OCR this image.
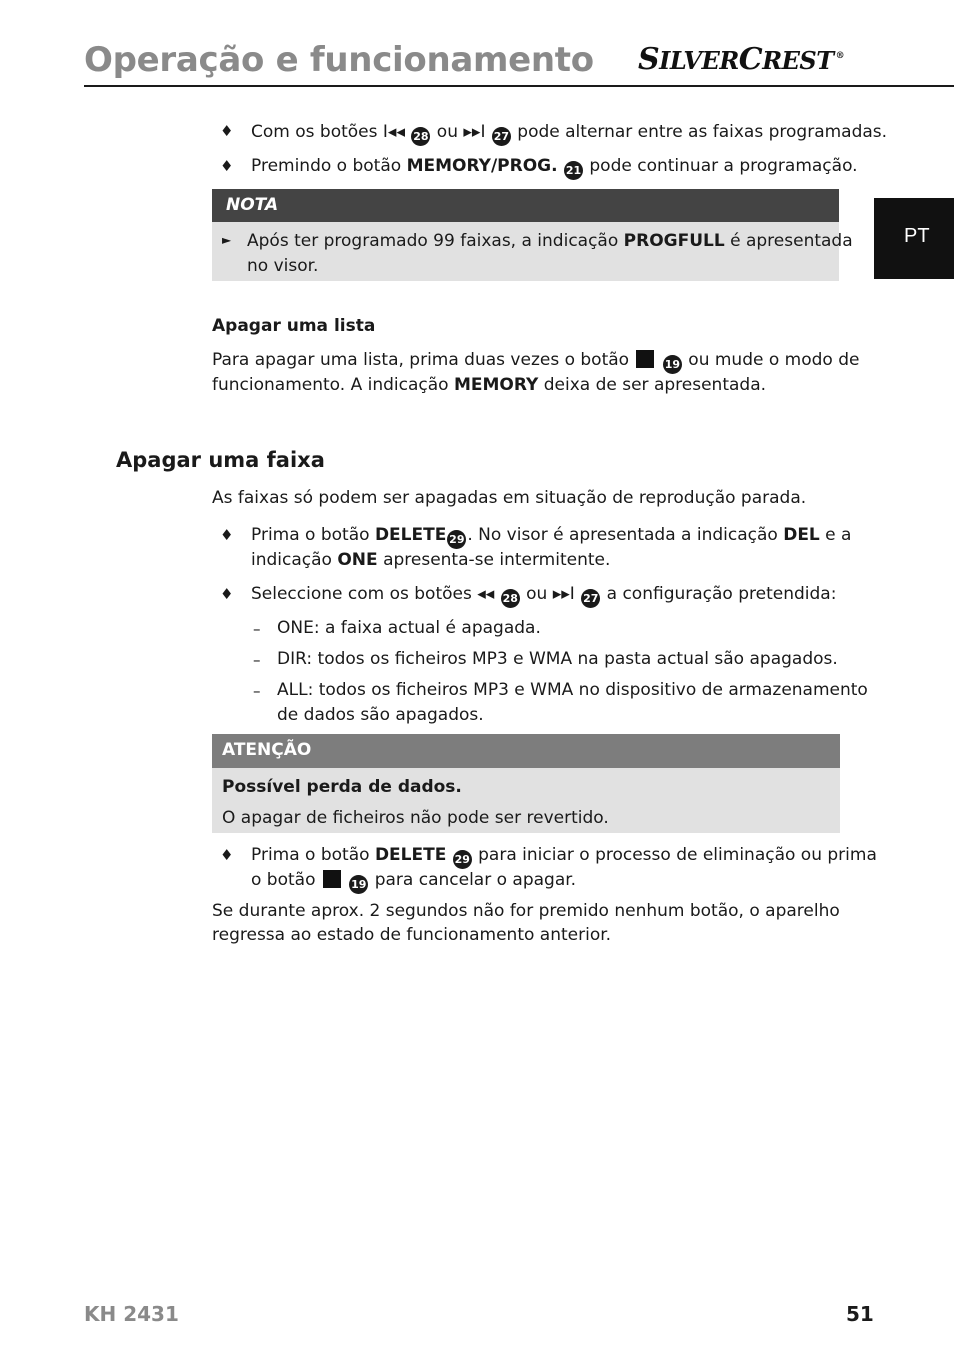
Operação e funcionamento SILVERCREST ®
PT
♦ Com os botões I◂◂ 28 ou ▸▸I 27 pode alternar entre as faixas programadas.
♦ Premindo o botão MEMORY/PROG. 21 pode continuar a programação.
NOTA
► Após ter programado 99 faixas, a indicação PROGFULL é apresentada
no visor.
Apagar uma lista
Para apagar uma lista, prima duas vezes o botão	19 ou mude o modo de
funcionamento. A indicação MEMORY deixa de ser apresentada.
Apagar uma faixa
As faixas só podem ser apagadas em situação de reprodução parada.
♦ Prima o botão DELETE 29 . No visor é apresentada a indicação DEL e a
indicação ONE apresenta-se intermitente.
♦ Seleccione com os botões ◂◂ 28 ou ▸▸I 27 a configuração pretendida:
– ONE: a faixa actual é apagada.
– DIR: todos os ficheiros MP3 e WMA na pasta actual são apagados.
– ALL: todos os ficheiros MP3 e WMA no dispositivo de armazenamento
de dados são apagados.
ATENÇÃO
Possível perda de dados.
O apagar de ficheiros não pode ser revertido.
♦ Prima o botão DELETE 29 para iniciar o processo de eliminação ou prima
o botão	19 para cancelar o apagar.
Se durante aprox. 2 segundos não for premido nenhum botão, o aparelho
regressa ao estado de funcionamento anterior.
KH 2431	51
